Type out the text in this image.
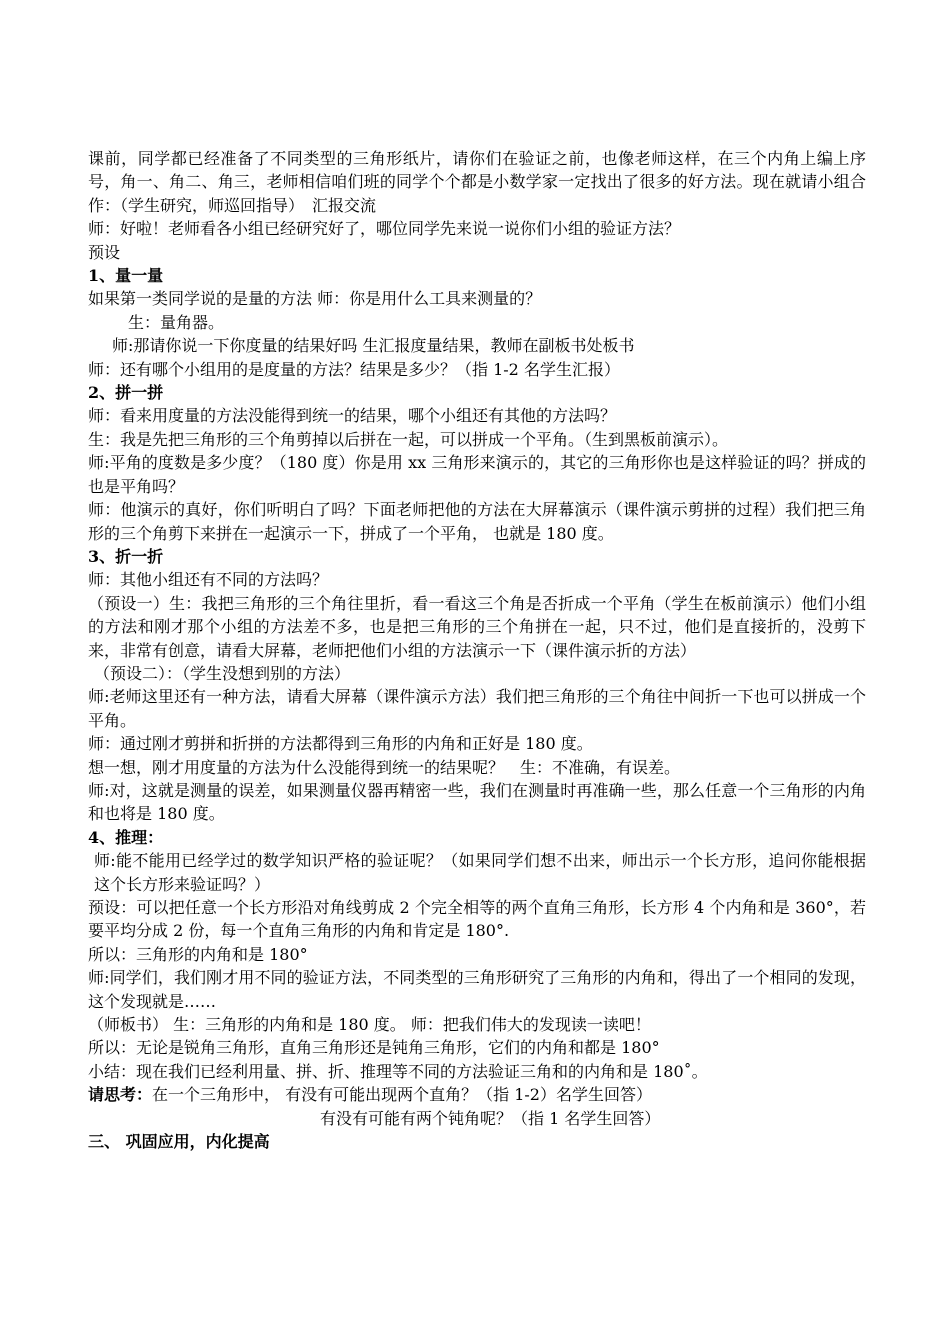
课前，同学都已经准备了不同类型的三角形纸片，请你们在验证之前，也像老师这样，在三个内角上编上序号，角一、角二、角三，老师相信咱们班的同学个个都是小数学家一定找出了很多的好方法。现在就请小组合作：（学生研究，师巡回指导）　汇报交流

师：好啦！老师看各小组已经研究好了，哪位同学先来说一说你们小组的验证方法？

预设

1、量一量

如果第一类同学说的是量的方法 师：你是用什么工具来测量的？

生：量角器。

师:那请你说一下你度量的结果好吗 生汇报度量结果，教师在副板书处板书

师：还有哪个小组用的是度量的方法？结果是多少？（指 1-2 名学生汇报）

2、拼一拼

师：看来用度量的方法没能得到统一的结果，哪个小组还有其他的方法吗？

生：我是先把三角形的三个角剪掉以后拼在一起，可以拼成一个平角。（生到黑板前演示）。

师:平角的度数是多少度？（180 度）你是用 xx 三角形来演示的，其它的三角形你也是这样验证的吗？拼成的也是平角吗？

师：他演示的真好，你们听明白了吗？下面老师把他的方法在大屏幕演示（课件演示剪拼的过程）我们把三角形的三个角剪下来拼在一起演示一下，拼成了一个平角， 也就是 180 度。

3、折一折

师：其他小组还有不同的方法吗？

（预设一）生：我把三角形的三个角往里折，看一看这三个角是否折成一个平角（学生在板前演示）他们小组的方法和刚才那个小组的方法差不多，也是把三角形的三个角拼在一起，只不过，他们是直接折的，没剪下来，非常有创意，请看大屏幕，老师把他们小组的方法演示一下（课件演示折的方法）

（预设二）：（学生没想到别的方法）

师:老师这里还有一种方法，请看大屏幕（课件演示方法）我们把三角形的三个角往中间折一下也可以拼成一个平角。

师：通过刚才剪拼和折拼的方法都得到三角形的内角和正好是 180 度。

想一想，刚才用度量的方法为什么没能得到统一的结果呢？　生：不准确，有误差。

师:对，这就是测量的误差，如果测量仪器再精密一些，我们在测量时再准确一些，那么任意一个三角形的内角和也将是 180 度。

4、推理：

师:能不能用已经学过的数学知识严格的验证呢？（如果同学们想不出来，师出示一个长方形，追问你能根据这个长方形来验证吗？）

预设：可以把任意一个长方形沿对角线剪成 2 个完全相等的两个直角三角形，长方形 4 个内角和是 360°，若要平均分成 2 份，每一个直角三角形的内角和肯定是 180°.

所以：三角形的内角和是 180°

师:同学们，我们刚才用不同的验证方法，不同类型的三角形研究了三角形的内角和，得出了一个相同的发现，这个发现就是……

（师板书） 生：三角形的内角和是 180 度。 师：把我们伟大的发现读一读吧！

所以：无论是锐角三角形，直角三角形还是钝角三角形，它们的内角和都是 180°

小结：现在我们已经利用量、拼、折、推理等不同的方法验证三角和的内角和是 180˚。

请思考：在一个三角形中， 有没有可能出现两个直角？（指 1-2）名学生回答）

有没有可能有两个钝角呢？（指 1 名学生回答）

三、 巩固应用，内化提高
